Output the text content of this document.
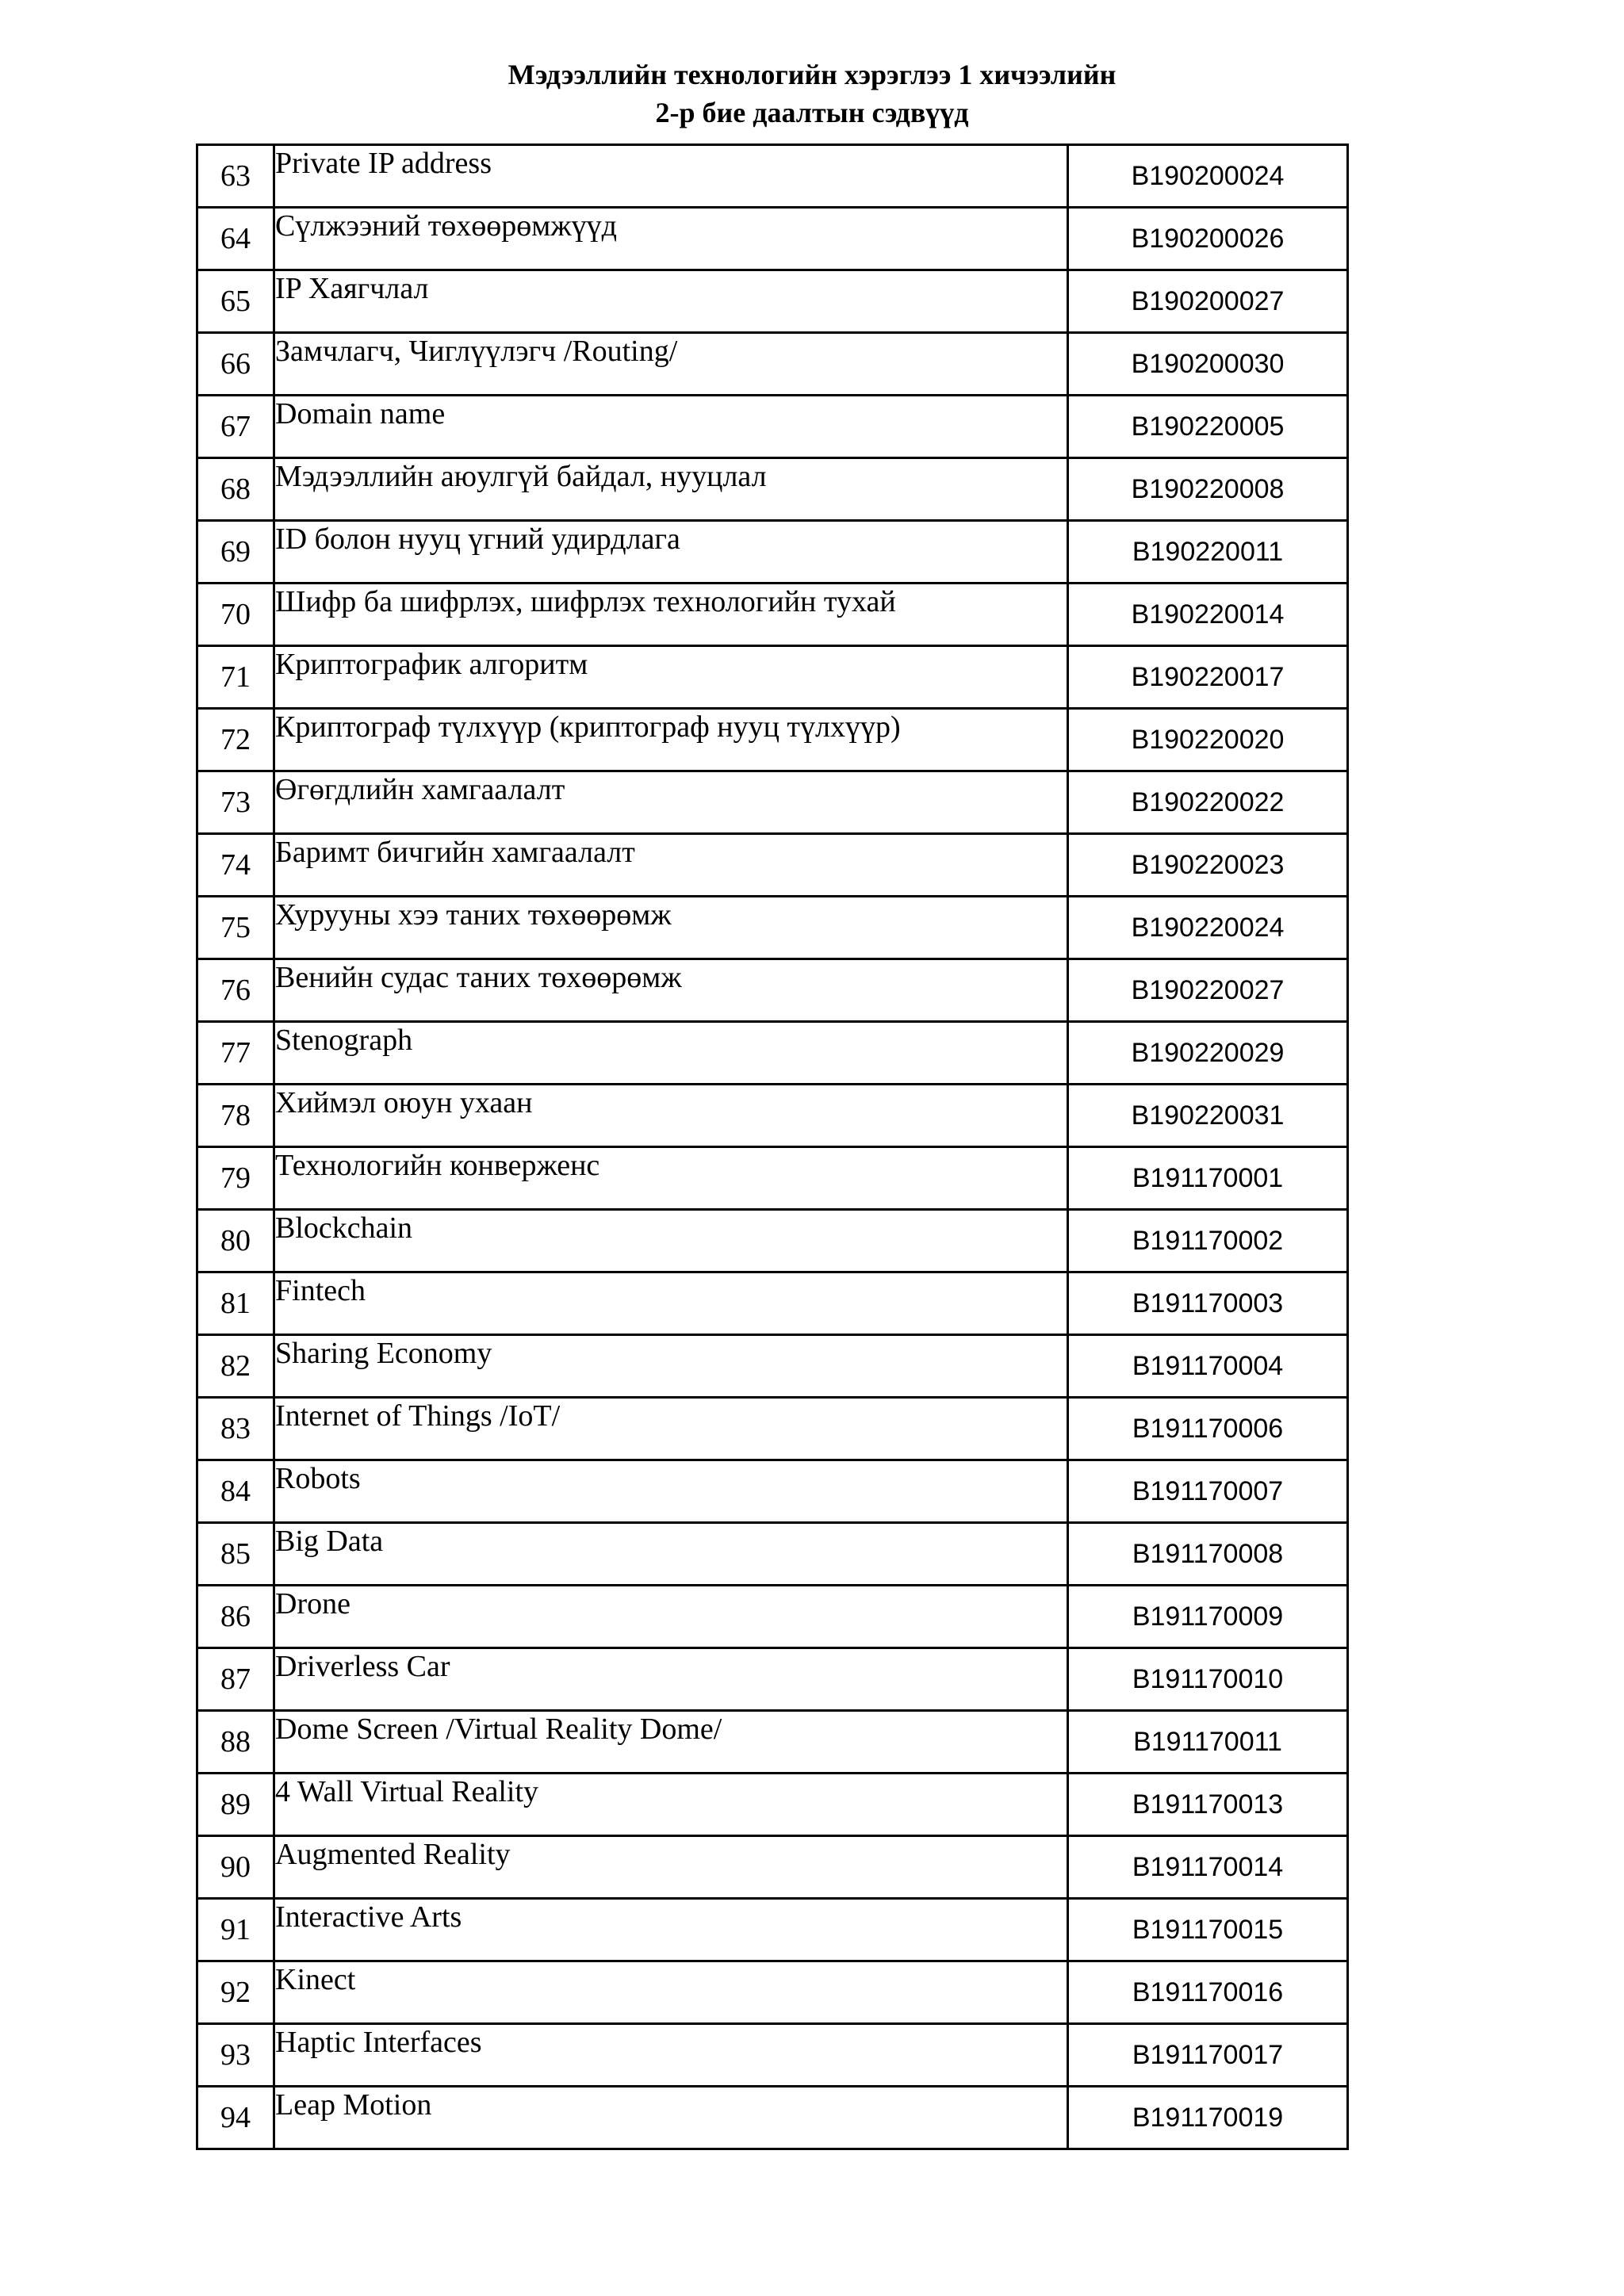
Мэдээллийн технологийн хэрэглээ 1 хичээлийн
2-р бие даалтын сэдвүүд
63	Private IP address	B190200024
64	Сүлжээний төхөөрөмжүүд	B190200026
65	IP Хаягчлал	B190200027
66	Замчлагч, Чиглүүлэгч /Routing/	B190200030
67	Domain name	B190220005
68	Мэдээллийн аюулгүй байдал, нууцлал	B190220008
69	ID болон нууц үгний удирдлага	B190220011
70	Шифр ба шифрлэх, шифрлэх технологийн тухай	B190220014
71	Криптографик алгоритм	B190220017
72	Криптограф түлхүүр (криптограф нууц түлхүүр)	B190220020
73	Өгөгдлийн хамгаалалт	B190220022
74	Баримт бичгийн хамгаалалт	B190220023
75	Хурууны хээ таних төхөөрөмж	B190220024
76	Венийн судас таних төхөөрөмж	B190220027
77	Stenograph	B190220029
78	Хиймэл оюун ухаан	B190220031
79	Технологийн конверженс	B191170001
80	Blockchain	B191170002
81	Fintech	B191170003
82	Sharing Economy	B191170004
83	Internet of Things /IoT/	B191170006
84	Robots	B191170007
85	Big Data	B191170008
86	Drone	B191170009
87	Driverless Car	B191170010
88	Dome Screen /Virtual Reality Dome/	B191170011
89	4 Wall Virtual Reality	B191170013
90	Augmented Reality	B191170014
91	Interactive Arts	B191170015
92	Kinect	B191170016
93	Haptic Interfaces	B191170017
94	Leap Motion	B191170019
